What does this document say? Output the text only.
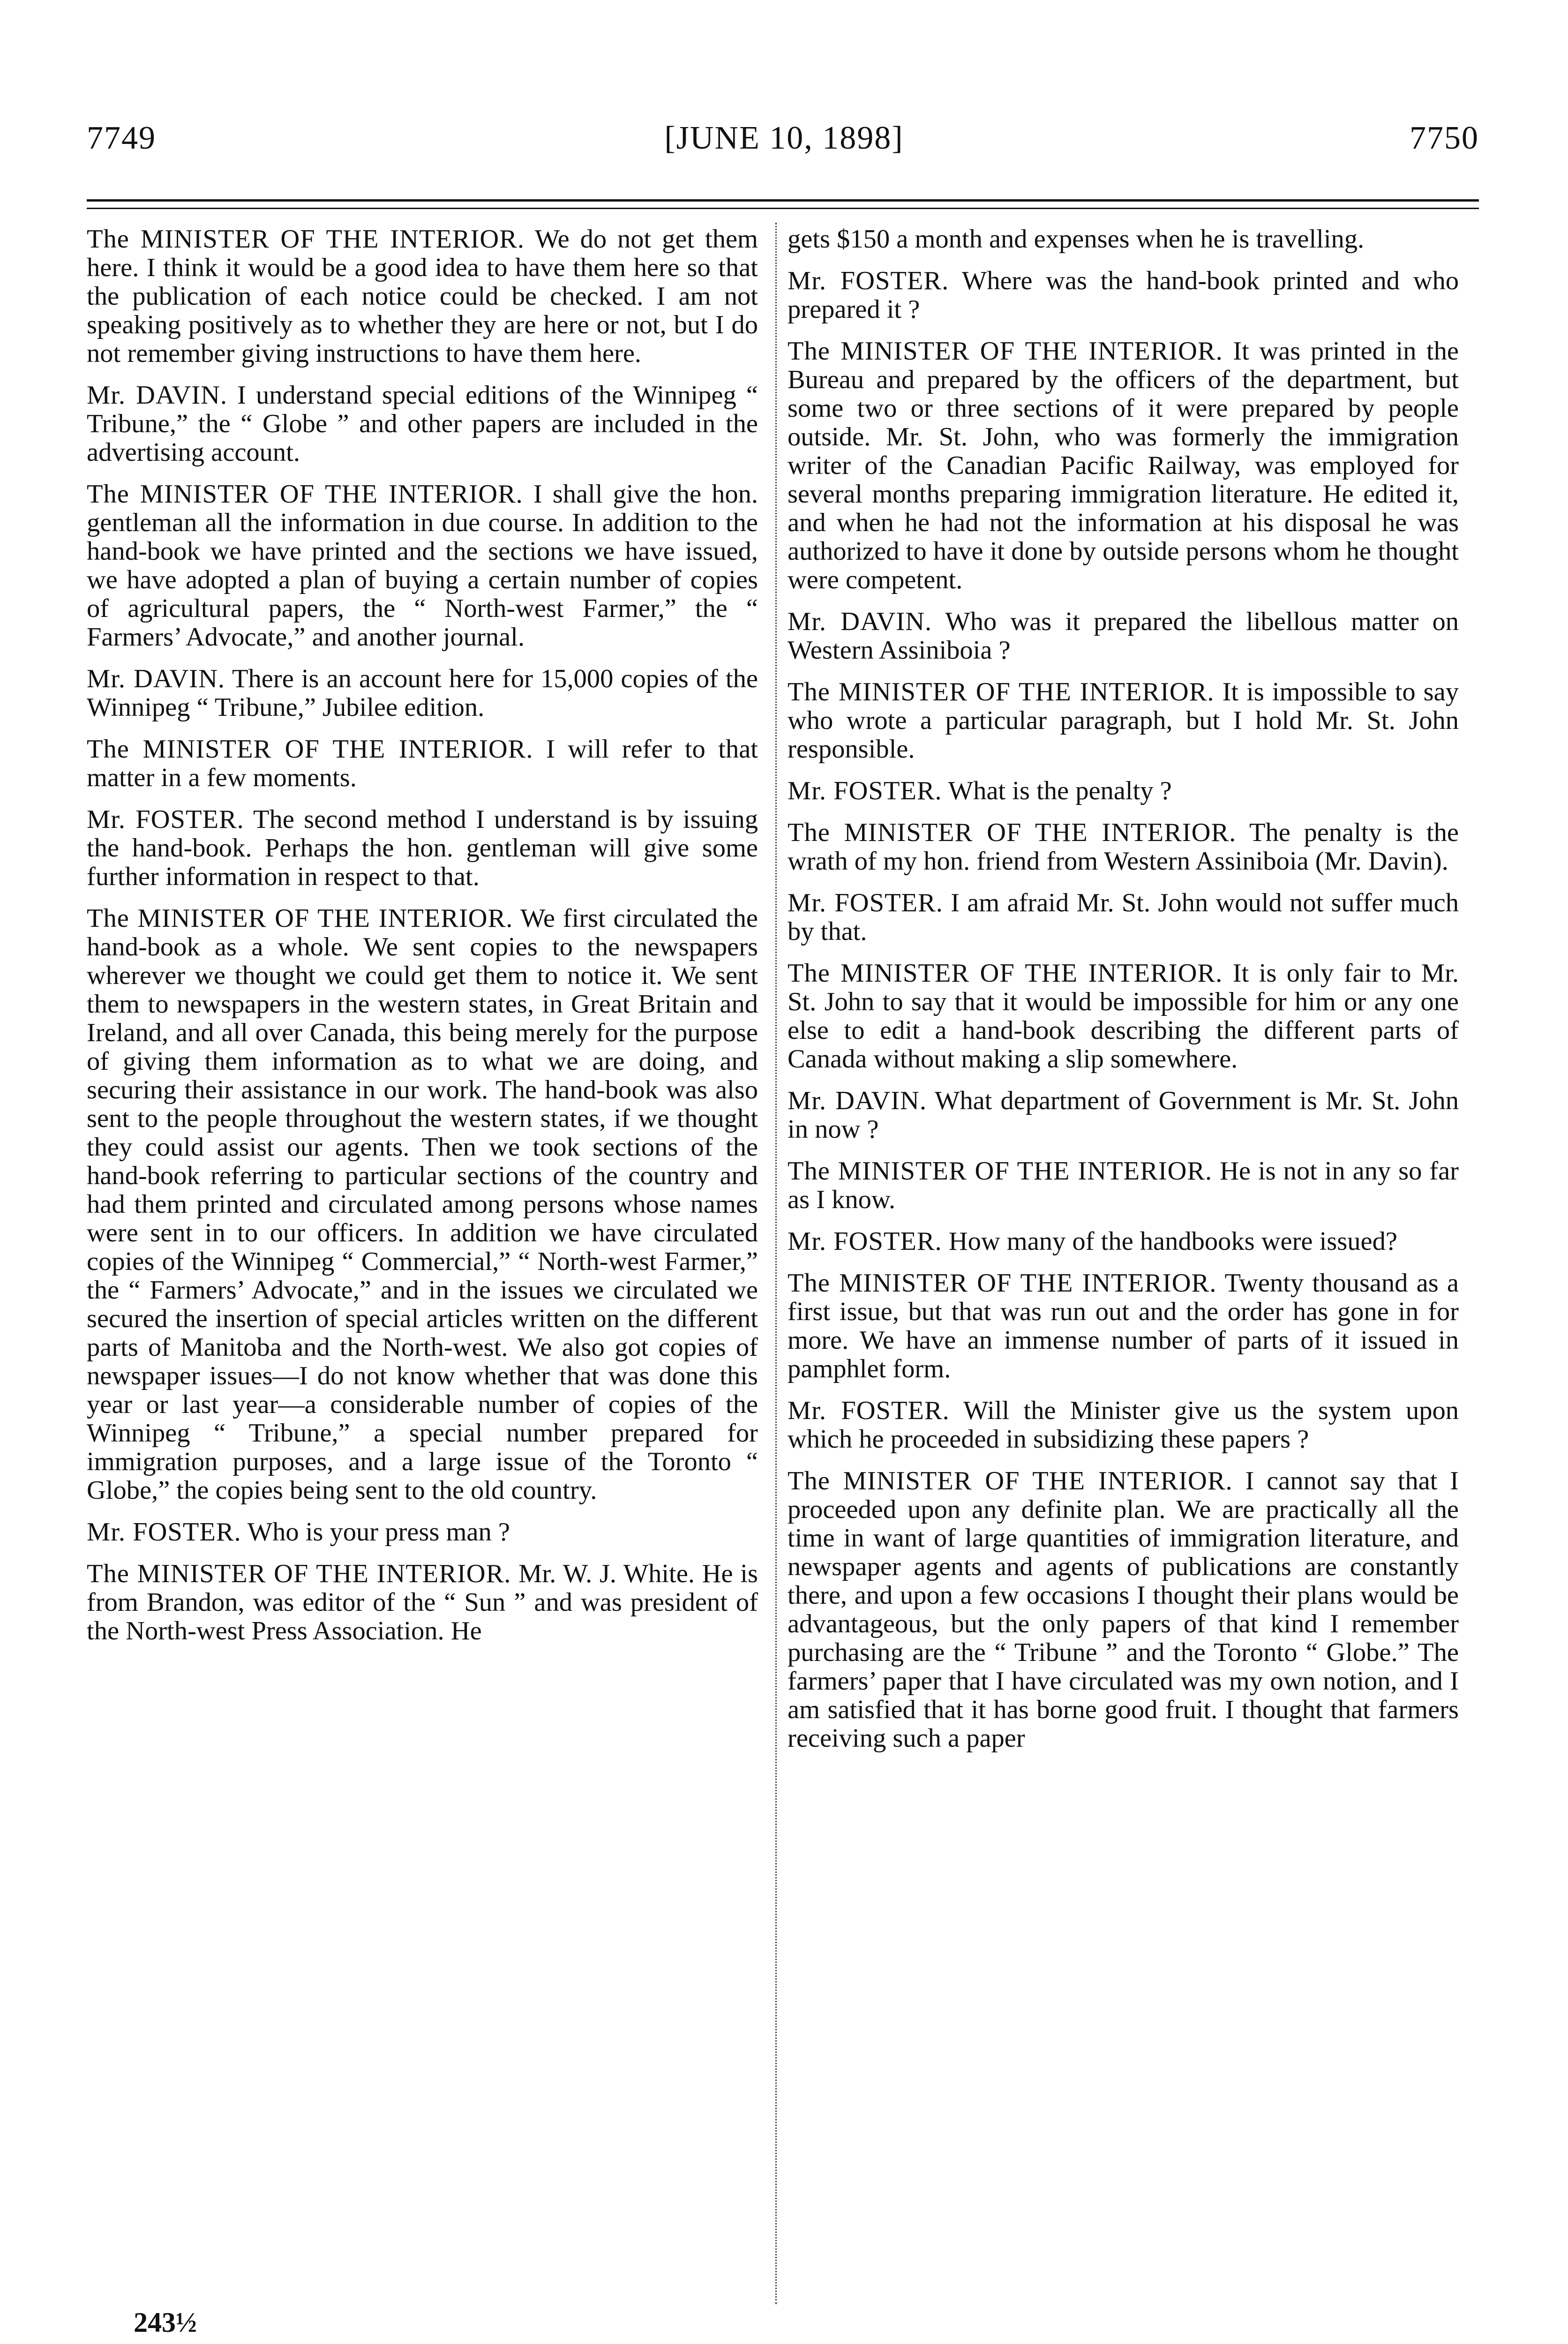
7749	[JUNE 10, 1898]	7750

The MINISTER OF THE INTERIOR. We do not get them here. I think it would be a good idea to have them here so that the publication of each notice could be checked. I am not speaking positively as to whether they are here or not, but I do not remember giving instructions to have them here.

Mr. DAVIN. I understand special editions of the Winnipeg “ Tribune,” the “ Globe ” and other papers are included in the advertising account.

The MINISTER OF THE INTERIOR. I shall give the hon. gentleman all the information in due course. In addition to the hand-book we have printed and the sections we have issued, we have adopted a plan of buying a certain number of copies of agricultural papers, the “ North-west Farmer,” the “ Farmers’ Advocate,” and another journal.

Mr. DAVIN. There is an account here for 15,000 copies of the Winnipeg “ Tribune,” Jubilee edition.

The MINISTER OF THE INTERIOR. I will refer to that matter in a few moments.

Mr. FOSTER. The second method I understand is by issuing the hand-book. Perhaps the hon. gentleman will give some further information in respect to that.

The MINISTER OF THE INTERIOR. We first circulated the hand-book as a whole. We sent copies to the newspapers wherever we thought we could get them to notice it. We sent them to newspapers in the western states, in Great Britain and Ireland, and all over Canada, this being merely for the purpose of giving them information as to what we are doing, and securing their assistance in our work. The hand-book was also sent to the people throughout the western states, if we thought they could assist our agents. Then we took sections of the hand-book referring to particular sections of the country and had them printed and circulated among persons whose names were sent in to our officers. In addition we have circulated copies of the Winnipeg “ Commercial,” “ North-west Farmer,” the “ Farmers’ Advocate,” and in the issues we circulated we secured the insertion of special articles written on the different parts of Manitoba and the North-west. We also got copies of newspaper issues—I do not know whether that was done this year or last year—a considerable number of copies of the Winnipeg “ Tribune,” a special number prepared for immigration purposes, and a large issue of the Toronto “ Globe,” the copies being sent to the old country.

Mr. FOSTER. Who is your press man ?

The MINISTER OF THE INTERIOR. Mr. W. J. White. He is from Brandon, was editor of the “ Sun ” and was president of the North-west Press Association. He

gets $150 a month and expenses when he is travelling.

Mr. FOSTER. Where was the hand-book printed and who prepared it ?

The MINISTER OF THE INTERIOR. It was printed in the Bureau and prepared by the officers of the department, but some two or three sections of it were prepared by people outside. Mr. St. John, who was formerly the immigration writer of the Canadian Pacific Railway, was employed for several months preparing immigration literature. He edited it, and when he had not the information at his disposal he was authorized to have it done by outside persons whom he thought were competent.

Mr. DAVIN. Who was it prepared the libellous matter on Western Assiniboia ?

The MINISTER OF THE INTERIOR. It is impossible to say who wrote a particular paragraph, but I hold Mr. St. John responsible.

Mr. FOSTER. What is the penalty ?

The MINISTER OF THE INTERIOR. The penalty is the wrath of my hon. friend from Western Assiniboia (Mr. Davin).

Mr. FOSTER. I am afraid Mr. St. John would not suffer much by that.

The MINISTER OF THE INTERIOR. It is only fair to Mr. St. John to say that it would be impossible for him or any one else to edit a hand-book describing the different parts of Canada without making a slip somewhere.

Mr. DAVIN. What department of Government is Mr. St. John in now ?

The MINISTER OF THE INTERIOR. He is not in any so far as I know.

Mr. FOSTER. How many of the handbooks were issued?

The MINISTER OF THE INTERIOR. Twenty thousand as a first issue, but that was run out and the order has gone in for more. We have an immense number of parts of it issued in pamphlet form.

Mr. FOSTER. Will the Minister give us the system upon which he proceeded in subsidizing these papers ?

The MINISTER OF THE INTERIOR. I cannot say that I proceeded upon any definite plan. We are practically all the time in want of large quantities of immigration literature, and newspaper agents and agents of publications are constantly there, and upon a few occasions I thought their plans would be advantageous, but the only papers of that kind I remember purchasing are the “ Tribune ” and the Toronto “ Globe.” The farmers’ paper that I have circulated was my own notion, and I am satisfied that it has borne good fruit. I thought that farmers receiving such a paper

243½
